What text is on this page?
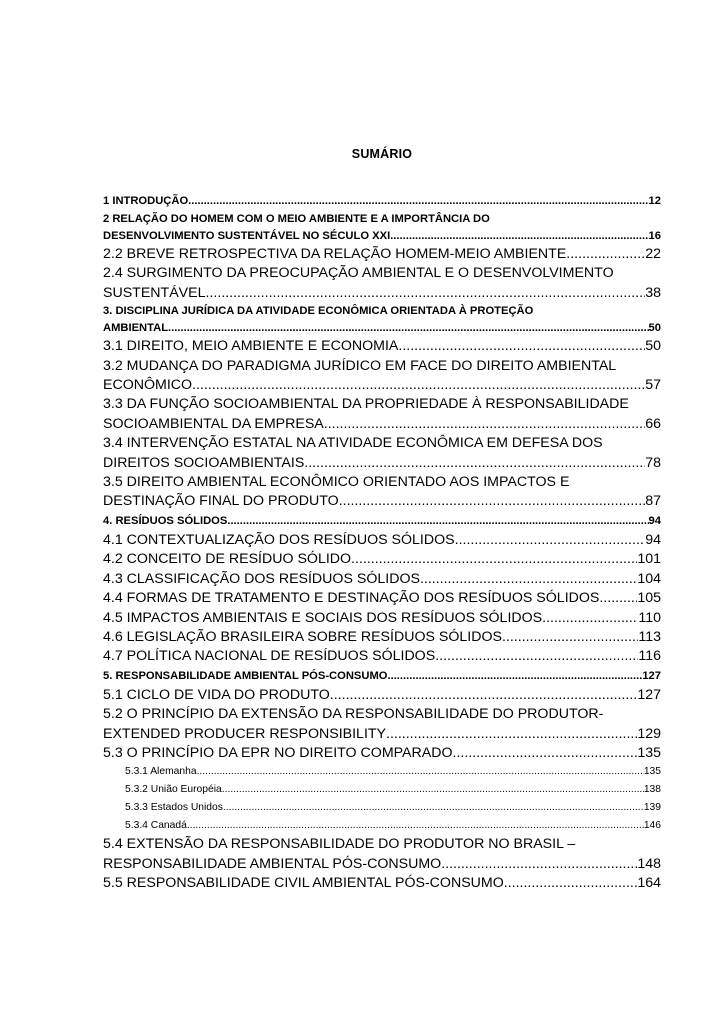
SUMÁRIO
1 INTRODUÇÃO .....	12
2 RELAÇÃO DO HOMEM COM O MEIO AMBIENTE E A IMPORTÂNCIA DO
DESENVOLVIMENTO SUSTENTÁVEL NO SÉCULO XXI .....	16
2.2 BREVE RETROSPECTIVA DA RELAÇÃO HOMEM-MEIO AMBIENTE .....	22
2.4 SURGIMENTO DA PREOCUPAÇÃO AMBIENTAL E O DESENVOLVIMENTO
SUSTENTÁVEL .....	38
3. DISCIPLINA JURÍDICA DA ATIVIDADE ECONÔMICA ORIENTADA À PROTEÇÃO
AMBIENTAL .....	50
3.1 DIREITO, MEIO AMBIENTE E ECONOMIA .....	50
3.2 MUDANÇA DO PARADIGMA JURÍDICO EM FACE DO DIREITO AMBIENTAL
ECONÔMICO .....	57
3.3 DA FUNÇÃO SOCIOAMBIENTAL DA PROPRIEDADE À RESPONSABILIDADE
SOCIOAMBIENTAL DA EMPRESA .....	66
3.4 INTERVENÇÃO ESTATAL NA ATIVIDADE ECONÔMICA EM DEFESA DOS
DIREITOS SOCIOAMBIENTAIS .....	78
3.5 DIREITO AMBIENTAL ECONÔMICO ORIENTADO AOS IMPACTOS E
DESTINAÇÃO FINAL DO PRODUTO .....	87
4. RESÍDUOS SÓLIDOS .....	94
4.1 CONTEXTUALIZAÇÃO DOS RESÍDUOS SÓLIDOS .....	94
4.2 CONCEITO DE RESÍDUO SÓLIDO .....	101
4.3 CLASSIFICAÇÃO DOS RESÍDUOS SÓLIDOS .....	104
4.4 FORMAS DE TRATAMENTO E DESTINAÇÃO DOS RESÍDUOS SÓLIDOS .....	105
4.5 IMPACTOS AMBIENTAIS E SOCIAIS DOS RESÍDUOS SÓLIDOS .....	110
4.6 LEGISLAÇÃO BRASILEIRA SOBRE RESÍDUOS SÓLIDOS .....	113
4.7 POLÍTICA NACIONAL DE RESÍDUOS SÓLIDOS .....	116
5. RESPONSABILIDADE AMBIENTAL PÓS-CONSUMO .....	127
5.1 CICLO DE VIDA DO PRODUTO .....	127
5.2 O PRINCÍPIO DA EXTENSÃO DA RESPONSABILIDADE DO PRODUTOR-
EXTENDED PRODUCER RESPONSIBILITY .....	129
5.3 O PRINCÍPIO DA EPR NO DIREITO COMPARADO .....	135
5.3.1 Alemanha .....	135
5.3.2 União Européia .....	138
5.3.3 Estados Unidos .....	139
5.3.4 Canadá .....	146
5.4 EXTENSÃO DA RESPONSABILIDADE DO PRODUTOR NO BRASIL –
RESPONSABILIDADE AMBIENTAL PÓS-CONSUMO .....	148
5.5 RESPONSABILIDADE CIVIL AMBIENTAL PÓS-CONSUMO .....	164
